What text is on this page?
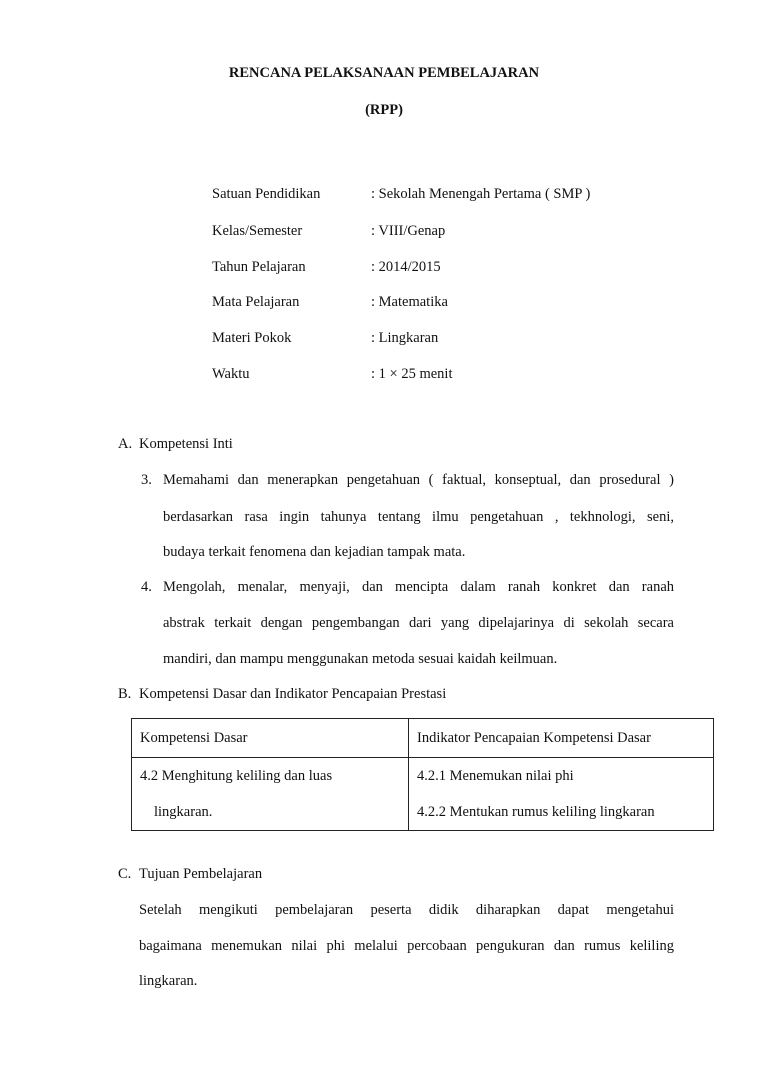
RENCANA PELAKSANAAN PEMBELAJARAN
(RPP)
Satuan Pendidikan	: Sekolah Menengah Pertama ( SMP )
Kelas/Semester	: VIII/Genap
Tahun Pelajaran	: 2014/2015
Mata Pelajaran	: Matematika
Materi Pokok	: Lingkaran
Waktu	: 1 × 25 menit
A. Kompetensi Inti
3. Memahami dan menerapkan pengetahuan ( faktual, konseptual, dan prosedural )
berdasarkan rasa ingin tahunya tentang ilmu pengetahuan , tekhnologi, seni,
budaya terkait fenomena dan kejadian tampak mata.
4. Mengolah, menalar, menyaji, dan mencipta dalam ranah konkret dan ranah
abstrak terkait dengan pengembangan dari yang dipelajarinya di sekolah secara
mandiri, dan mampu menggunakan metoda sesuai kaidah keilmuan.
B. Kompetensi Dasar dan Indikator Pencapaian Prestasi
Kompetensi Dasar	Indikator Pencapaian Kompetensi Dasar

4.2 Menghitung keliling dan luas
lingkaran.	4.2.1 Menemukan nilai phi
4.2.2 Mentukan rumus keliling lingkaran
C. Tujuan Pembelajaran
Setelah mengikuti pembelajaran peserta didik diharapkan dapat mengetahui
bagaimana menemukan nilai phi melalui percobaan pengukuran dan rumus keliling
lingkaran.
